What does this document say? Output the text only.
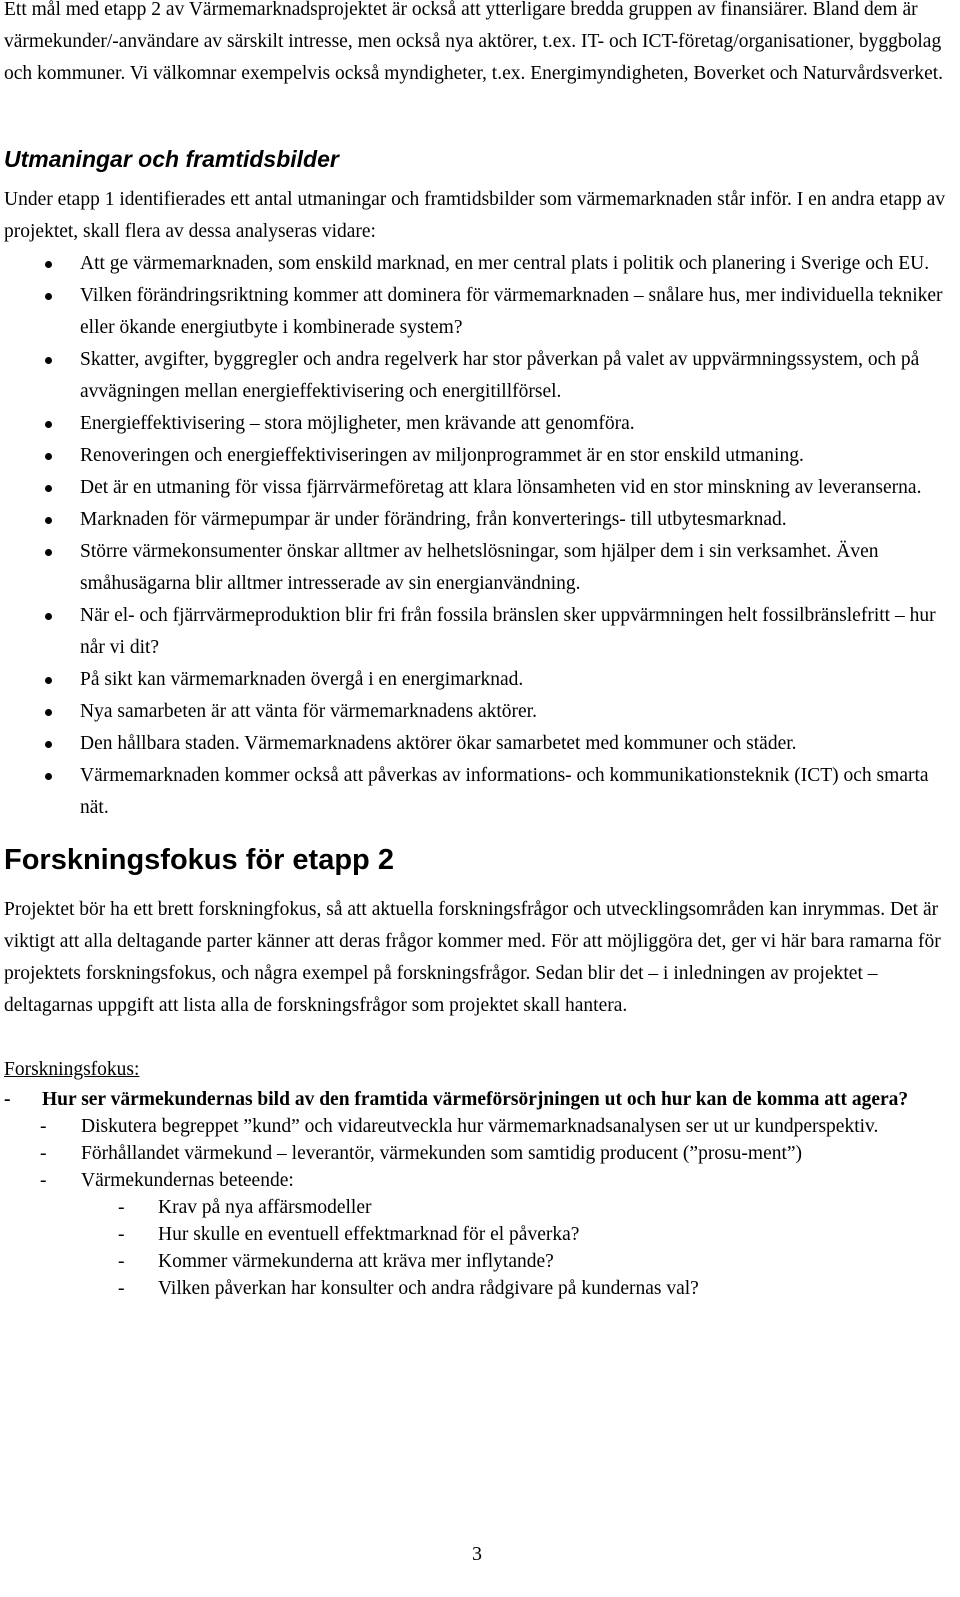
Ett mål med etapp 2 av Värmemarknadsprojektet är också att ytterligare bredda gruppen av finansiärer. Bland dem är värmekunder/-användare av särskilt intresse, men också nya aktörer, t.ex. IT- och ICT-företag/organisationer, byggbolag och kommuner. Vi välkomnar exempelvis också myndigheter, t.ex. Energimyndigheten, Boverket och Naturvårdsverket.

Utmaningar och framtidsbilder

Under etapp 1 identifierades ett antal utmaningar och framtidsbilder som värmemarknaden står inför. I en andra etapp av projektet, skall flera av dessa analyseras vidare:

Att ge värmemarknaden, som enskild marknad, en mer central plats i politik och planering i Sverige och EU.
Vilken förändringsriktning kommer att dominera för värmemarknaden – snålare hus, mer individuella tekniker eller ökande energiutbyte i kombinerade system?
Skatter, avgifter, byggregler och andra regelverk har stor påverkan på valet av uppvärmningssystem, och på avvägningen mellan energieffektivisering och energitillförsel.
Energieffektivisering – stora möjligheter, men krävande att genomföra.
Renoveringen och energieffektiviseringen av miljonprogrammet är en stor enskild utmaning.
Det är en utmaning för vissa fjärrvärmeföretag att klara lönsamheten vid en stor minskning av leveranserna.
Marknaden för värmepumpar är under förändring, från konverterings- till utbytesmarknad.
Större värmekonsumenter önskar alltmer av helhetslösningar, som hjälper dem i sin verksamhet. Även småhusägarna blir alltmer intresserade av sin energianvändning.
När el- och fjärrvärmeproduktion blir fri från fossila bränslen sker uppvärmningen helt fossilbränslefritt – hur når vi dit?
På sikt kan värmemarknaden övergå i en energimarknad.
Nya samarbeten är att vänta för värmemarknadens aktörer.
Den hållbara staden. Värmemarknadens aktörer ökar samarbetet med kommuner och städer.
Värmemarknaden kommer också att påverkas av informations- och kommunikationsteknik (ICT) och smarta nät.
Forskningsfokus för etapp 2

Projektet bör ha ett brett forskningfokus, så att aktuella forskningsfrågor och utvecklingsområden kan inrymmas. Det är viktigt att alla deltagande parter känner att deras frågor kommer med. För att möjliggöra det, ger vi här bara ramarna för projektets forskningsfokus, och några exempel på forskningsfrågor. Sedan blir det – i inledningen av projektet – deltagarnas uppgift att lista alla de forskningsfrågor som projektet skall hantera.

Forskningsfokus:

- Hur ser värmekundernas bild av den framtida värmeförsörjningen ut och hur kan de komma att agera?
- Diskutera begreppet ”kund” och vidareutveckla hur värmemarknadsanalysen ser ut ur kundperspektiv.
- Förhållandet värmekund – leverantör, värmekunden som samtidig producent (”prosu-ment”)
- Värmekundernas beteende:
- Krav på nya affärsmodeller
- Hur skulle en eventuell effektmarknad för el påverka?
- Kommer värmekunderna att kräva mer inflytande?
- Vilken påverkan har konsulter och andra rådgivare på kundernas val?
3
